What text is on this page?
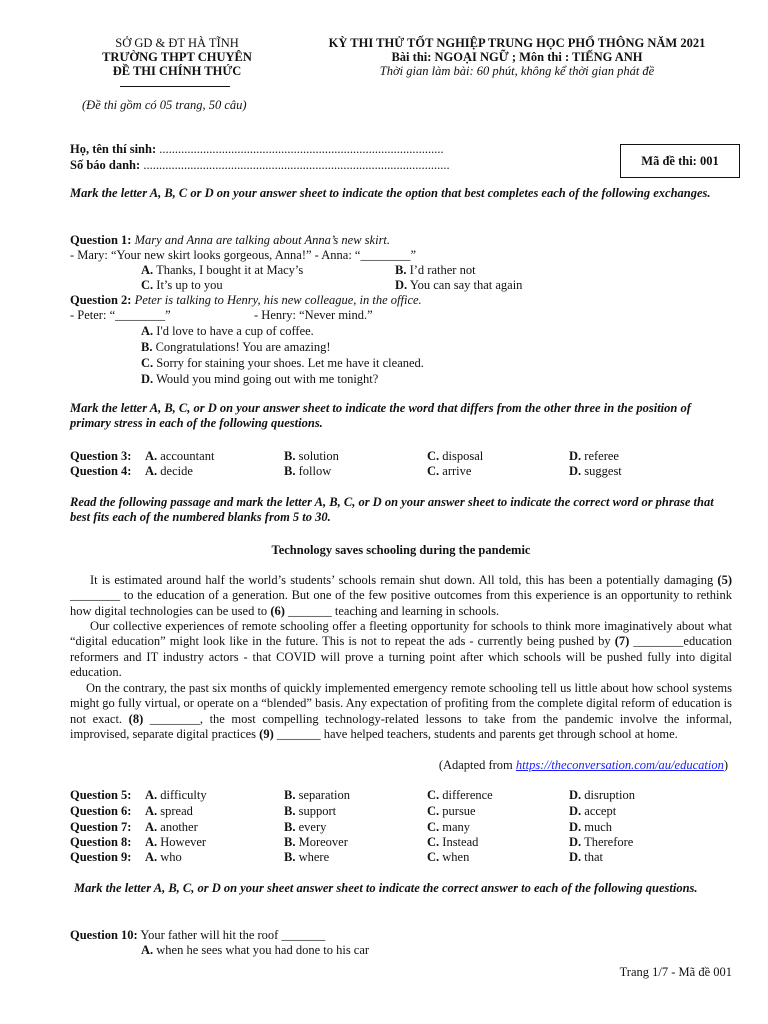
SỞ GD & ĐT HÀ TĨNH
TRƯỜNG THPT CHUYÊN
ĐỀ THI CHÍNH THỨC
(Đề thi gồm có 05 trang, 50 câu)
KỲ THI THỬ TỐT NGHIỆP TRUNG HỌC PHỔ THÔNG NĂM 2021
Bài thi: NGOẠI NGỮ ; Môn thi : TIẾNG ANH
Thời gian làm bài: 60 phút, không kể thời gian phát đề
Họ, tên thí sinh: ...........................................................................................
Số báo danh: ..................................................................................................	Mã đề thi: 001
Mark the letter A, B, C or D on your answer sheet to indicate the option that best completes each of the following exchanges.
Question 1: Mary and Anna are talking about Anna’s new skirt.
- Mary: “Your new skirt looks gorgeous, Anna!” - Anna: “________”
A. Thanks, I bought it at Macy’s	B. I’d rather not
C. It’s up to you	D. You can say that again
Question 2: Peter is talking to Henry, his new colleague, in the office.
- Peter: “________”	- Henry: “Never mind.”
A. I'd love to have a cup of coffee.
B. Congratulations! You are amazing!
C. Sorry for staining your shoes. Let me have it cleaned.
D. Would you mind going out with me tonight?
Mark the letter A, B, C, or D on your answer sheet to indicate the word that differs from the other three in the position of primary stress in each of the following questions.
Question 3: A. accountant	B. solution	C. disposal	D. referee
Question 4: A. decide	B. follow	C. arrive	D. suggest
Read the following passage and mark the letter A, B, C, or D on your answer sheet to indicate the correct word or phrase that best fits each of the numbered blanks from 5 to 30.
Technology saves schooling during the pandemic
It is estimated around half the world’s students’ schools remain shut down. All told, this has been a potentially damaging (5) ________ to the education of a generation. But one of the few positive outcomes from this experience is an opportunity to rethink how digital technologies can be used to (6) _______ teaching and learning in schools.
Our collective experiences of remote schooling offer a fleeting opportunity for schools to think more imaginatively about what “digital education” might look like in the future. This is not to repeat the ads - currently being pushed by (7) ________education reformers and IT industry actors - that COVID will prove a turning point after which schools will be pushed fully into digital education.
On the contrary, the past six months of quickly implemented emergency remote schooling tell us little about how school systems might go fully virtual, or operate on a “blended” basis. Any expectation of profiting from the complete digital reform of education is not exact. (8) ________, the most compelling technology-related lessons to take from the pandemic involve the informal, improvised, separate digital practices (9) _______ have helped teachers, students and parents get through school at home.
(Adapted from https://theconversation.com/au/education)
Question 5: A. difficulty	B. separation	C. difference	D. disruption
Question 6: A. spread	B. support	C. pursue	D. accept
Question 7: A. another	B. every	C. many	D. much
Question 8: A. However	B. Moreover	C. Instead	D. Therefore
Question 9: A. who	B. where	C. when	D. that
Mark the letter A, B, C, or D on your sheet answer sheet to indicate the correct answer to each of the following questions.
Question 10: Your father will hit the roof _______
A. when he sees what you had done to his car
Trang 1/7 - Mã đề 001
